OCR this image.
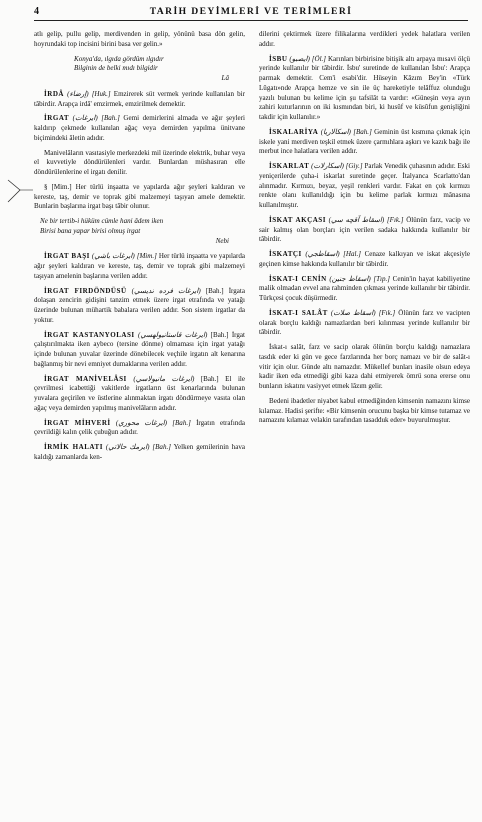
4	TARİH DEYİMLERİ VE TERİMLERİ

atlı gelip, pullu gelip, merdivenden in gelip, yönünü basa dön gelin, hoyrundaki top incisini birini basa ver gelin.»

Konya'da, ılgıda gördüm ılgıdır
Bilginin de belki mıdı bilgidir
Lâ

İRDÂ (إرضاء) [Huk.] Emzirerek süt vermek yerinde kullanılan bir tâbirdir. Arapça irdâ' emzirmek, emzirilmek demektir.

İRGAT (ايرغات) [Bah.] Gemi demirlerini almada ve ağır şeyleri kaldırıp çekmede kullanılan ağaç veya demirden yapılma ünitvane biçimindeki âletin adıdır.

Manivelâların vasıtasiyle merkezdeki mil üzerinde elektrik, buhar veya el kuvvetiyle döndürülenleri vardır. Bunlardan müshasıran elle döndürülenlerine el irgatı denilir.

§ [Mim.] Her türlü inşaatta ve yapılarda ağır şeyleri kaldıran ve kereste, taş, demir ve toprak gibi malzemeyi taşıyan amele demektir. Bunlarin başlarına irgat başı tâbir olunur.

Ne bir tertib-i hüküm cümle hani âdem iken
Birisi bana yapar birisi olmuş irgat
Nebi

İRGAT BAŞI (ايرغات باشي) [Mim.] Her türlü inşaatta ve yapılarda ağır şeyleri kaldıran ve kereste, taş, demir ve toprak gibi malzemeyi taşıyan amelenin başlarına verilen addır.

İRGAT FIRDÖNDÜSÜ (ايرغات فرده نديسي) [Bah.] İrgata dolaşan zencirin gidişini tanzim etmek üzere irgat etrafında ve yatağı üzerinde bulunan mühartik babalara verilen addır. Son sistem irgatlar da yoktur.

İRGAT KASTANYOLASI (ايرغات قاستانيولهسي) [Bah.] İrgat çalıştırılmakta iken aybeco (tersine dönme) olmaması için irgat yatağı içinde bulunan yuvalar üzerinde dönebilecek veçhile irgatın alt kenarına bağlanmış bir nevi emniyet dumaklarına verilen addır.

İRGAT MANİVELÂSI (ايرغات مانيولاسي) [Bah.] El ile çevrilmesi icabettiği vakitlerde irgatların üst kenarlarında bulunan yuvalara geçirilen ve üstlerine alınmaktan irgatı döndürmeye vasıta olan ağaç veya demirden yapılmış manivelâların adıdır.

İRGAT MİHVERİ (ايرغات محوري) [Bah.] İrgatın etrafında çevrildiği kalın çelik çubuğun adıdır.

İRMİK HALATI (ايرمك حالاتي) [Bah.] Yelken gemilerinin hava kaldığı zamanlarda ken-

dilerini çektirmek üzere filikalarına verdikleri yedek halatlara verilen addır.

İSBU (ايصبو) [Öl.] Karınları birbirisine bitişik altı arpaya mısavi ölçü yerinde kullanılır bir tâbirdir. İsbu' suretinde de kullanılan İsbu': Arapça parmak demektir. Cem'i esabi'dir. Hüseyin Kâzım Bey'in «Türk Lûgatı»nde Arapça hemze ve sin ile üç hareketiyle telâffuz olunduğu yazılı bulunan bu kelime için şu tafsilât ta vardır: «Güneşin veya ayın zahiri kuturlarının on iki kısmından biri, ki husûf ve küsûfun genişliğini takdir için kullanılır.»

İSKALARİYA (اسكالاريا) [Bah.] Geminin üst kısmına çıkmak için iskele yani merdiven teşkil etmek üzere çarmıhlara aşkırı ve kazık bağı ile merbut ince halatlara verilen addır.

İSKARLAT (اسكارلات) [Giy.] Parlak Venedik çuhasının adıdır. Eski yeniçerilerde çuha-i iskarlat suretinde geçer. İtalyanca Scarlatto'dan alınmadır. Kırmızı, beyaz, yeşil renkleri vardır. Fakat en çok kırmızı renkte olanı kullanıldığı için bu kelime parlak kırmızı mânasına kullanılmıştır.

İSKAT AKÇASI (اسقاط آقچه سي) [Fık.] Ölünün farz, vacip ve sair kalmış olan borçları için verilen sadaka hakkında kullanılır bir tâbirdir.

İSKATÇI (اسقاطجي) [Hal.] Cenaze kalkıyan ve iskat akçesiyle geçinen kimse hakkında kullanılır bir tâbirdir.

İSKAT-I CENİN (اسقاط جنين) [Tıp.] Cenin'in hayat kabiliyetine malik olmadan evvel ana rahminden çıkması yerinde kullanılır bir tâbirdir. Türkçesi çocuk düşürmedir.

İSKAT-I SALÂT (اسقاط صلات) [Fık.] Ölünün farz ve vacipten olarak borçlu kaldığı namazlardan beri kılınması yerinde kullanılır bir tâbirdir.

İskat-ı salât, farz ve sacip olarak ölünün borçlu kaldığı namazlara tasdık eder ki gün ve gece farzlarında her borç namazı ve bir de salât-ı vitir için olur. Günde altı namazdır. Mükellef bunları inasile olsun edeya kadir iken eda etmediği gibi kaza dahi etmiyerek ömrü sona ererse onu bunların iskatını vasiyyet etmek lâzım gelir.

Bedeni ibadetler niyabet kabul etmediğinden kimsenin namazını kimse kılamaz. Hadisi şerifte: «Bir kimsenin orucunu başka bir kimse tutamaz ve namazını kılamaz velakin tarafından tasadduk eder» buyurulmuştur.
